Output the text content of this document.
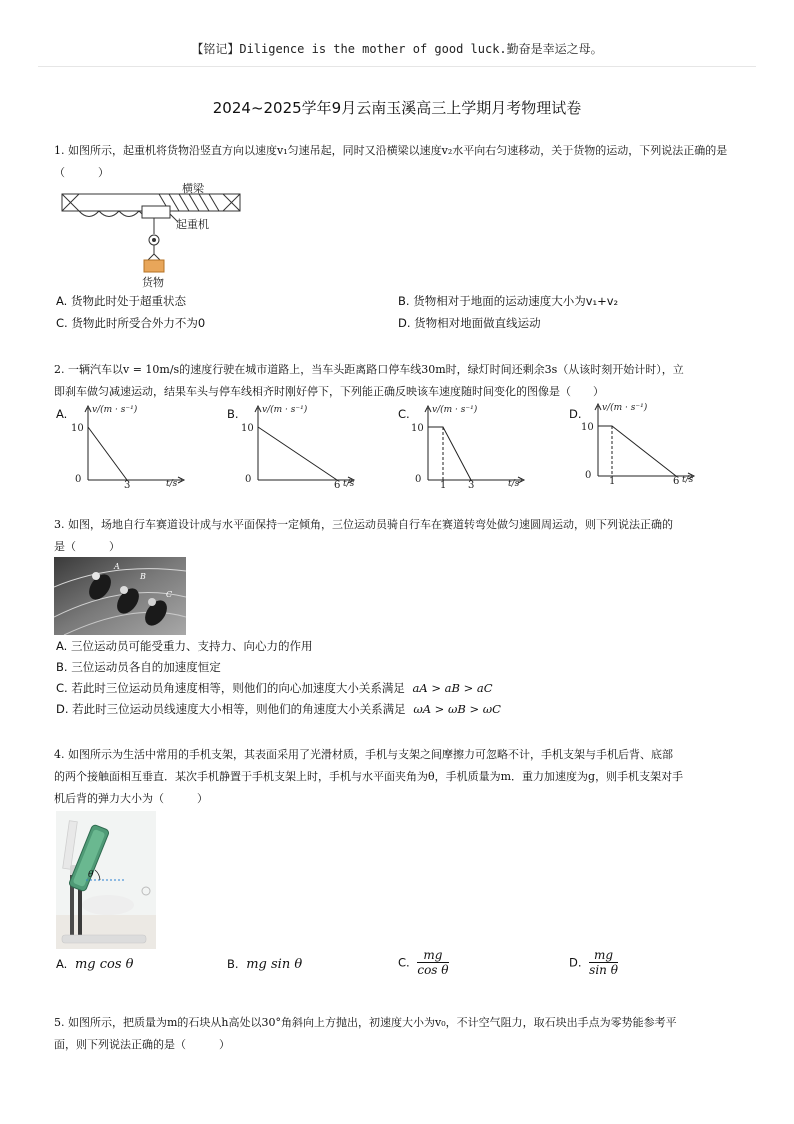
【铭记】Diligence is the mother of good luck.勤奋是幸运之母。
2024~2025学年9月云南玉溪高三上学期月考物理试卷
1. 如图所示，起重机将货物沿竖直方向以速度v₁匀速吊起，同时又沿横梁以速度v₂水平向右匀速移动，关于货物的运动，下列说法正确的是（　　　）
横梁
起重机
货物
A. 货物此时处于超重状态	B. 货物相对于地面的运动速度大小为v₁+v₂
C. 货物此时所受合外力不为0	D. 货物相对地面做直线运动
2. 一辆汽车以v = 10m/s的速度行驶在城市道路上，当车头距离路口停车线30m时，绿灯时间还剩余3s（从该时刻开始计时），立
即刹车做匀减速运动，结果车头与停车线相齐时刚好停下，下列能正确反映该车速度随时间变化的图像是（　　）
A.	v/(m · s⁻¹)
10
0
3	t/s
B.	v/(m · s⁻¹)
10
0
6 t/s
C. v/(m · s⁻¹)
10
0
1 3	t/s
D. v/(m · s⁻¹)
10
0
1	6 t/s
3. 如图，场地自行车赛道设计成与水平面保持一定倾角，三位运动员骑自行车在赛道转弯处做匀速圆周运动，则下列说法正确的
是（　　　）
A
B
C
A. 三位运动员可能受重力、支持力、向心力的作用
B. 三位运动员各自的加速度恒定
C. 若此时三位运动员角速度相等，则他们的向心加速度大小关系满足 aA > aB > aC
D. 若此时三位运动员线速度大小相等，则他们的角速度大小关系满足 ωA > ωB > ωC
4. 如图所示为生活中常用的手机支架，其表面采用了光滑材质，手机与支架之间摩擦力可忽略不计，手机支架与手机后背、底部
的两个接触面相互垂直．某次手机静置于手机支架上时，手机与水平面夹角为θ，手机质量为m．重力加速度为g，则手机支架对手
机后背的弹力大小为（　　　）
θ
A. mg cos θ	B. mg sin θ	C. $\frac{mg}{\text{cos θ}}$	D. $\frac{mg}{\text{sin θ}}$
5. 如图所示，把质量为m的石块从h高处以30°角斜向上方抛出，初速度大小为v₀，不计空气阻力，取石块出手点为零势能参考平
面，则下列说法正确的是（　　　）
